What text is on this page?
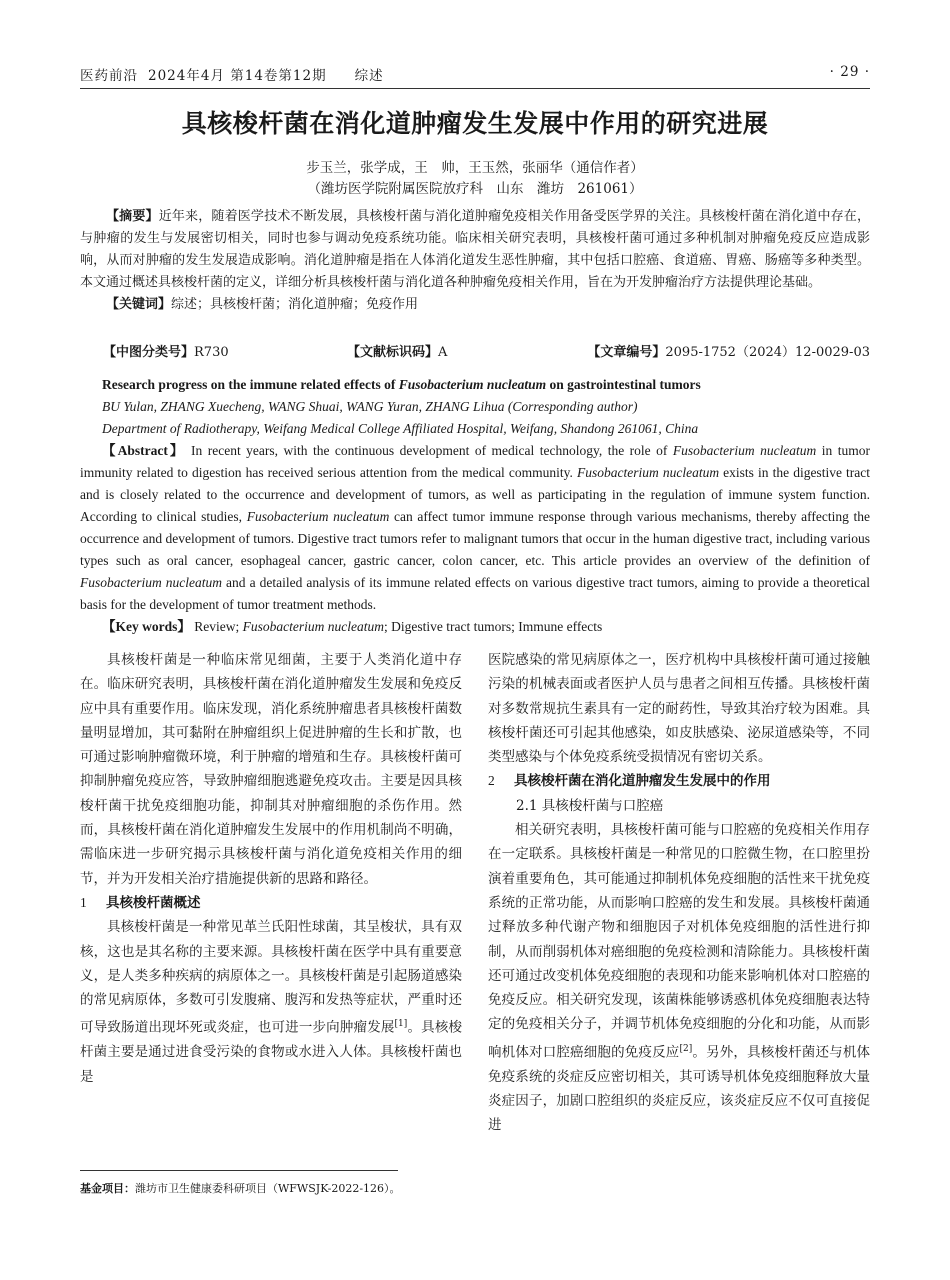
医药前沿 2024年4月 第14卷第12期 综述	· 29 ·
具核梭杆菌在消化道肿瘤发生发展中作用的研究进展
步玉兰，张学成，王　帅，王玉然，张丽华（通信作者）
（潍坊医学院附属医院放疗科　山东　潍坊　261061）

【摘要】近年来，随着医学技术不断发展，具核梭杆菌与消化道肿瘤免疫相关作用备受医学界的关注。具核梭杆菌在消化道中存在，与肿瘤的发生与发展密切相关，同时也参与调动免疫系统功能。临床相关研究表明，具核梭杆菌可通过多种机制对肿瘤免疫反应造成影响，从而对肿瘤的发生发展造成影响。消化道肿瘤是指在人体消化道发生恶性肿瘤，其中包括口腔癌、食道癌、胃癌、肠癌等多种类型。本文通过概述具核梭杆菌的定义，详细分析具核梭杆菌与消化道各种肿瘤免疫相关作用，旨在为开发肿瘤治疗方法提供理论基础。

【关键词】综述；具核梭杆菌；消化道肿瘤；免疫作用

【中图分类号】R730	【文献标识码】A	【文章编号】2095-1752（2024）12-0029-03

Research progress on the immune related effects of Fusobacterium nucleatum on gastrointestinal tumors

BU Yulan, ZHANG Xuecheng, WANG Shuai, WANG Yuran, ZHANG Lihua (Corresponding author)

Department of Radiotherapy, Weifang Medical College Affiliated Hospital, Weifang, Shandong 261061, China

【Abstract】 In recent years, with the continuous development of medical technology, the role of Fusobacterium nucleatum in tumor immunity related to digestion has received serious attention from the medical community. Fusobacterium nucleatum exists in the digestive tract and is closely related to the occurrence and development of tumors, as well as participating in the regulation of immune system function. According to clinical studies, Fusobacterium nucleatum can affect tumor immune response through various mechanisms, thereby affecting the occurrence and development of tumors. Digestive tract tumors refer to malignant tumors that occur in the human digestive tract, including various types such as oral cancer, esophageal cancer, gastric cancer, colon cancer, etc. This article provides an overview of the definition of Fusobacterium nucleatum and a detailed analysis of its immune related effects on various digestive tract tumors, aiming to provide a theoretical basis for the development of tumor treatment methods.

【Key words】 Review; Fusobacterium nucleatum; Digestive tract tumors; Immune effects

具核梭杆菌是一种临床常见细菌，主要于人类消化道中存在。临床研究表明，具核梭杆菌在消化道肿瘤发生发展和免疫反应中具有重要作用。临床发现，消化系统肿瘤患者具核梭杆菌数量明显增加，其可黏附在肿瘤组织上促进肿瘤的生长和扩散，也可通过影响肿瘤微环境，利于肿瘤的增殖和生存。具核梭杆菌可抑制肿瘤免疫应答，导致肿瘤细胞逃避免疫攻击。主要是因具核梭杆菌干扰免疫细胞功能，抑制其对肿瘤细胞的杀伤作用。然而，具核梭杆菌在消化道肿瘤发生发展中的作用机制尚不明确，需临床进一步研究揭示具核梭杆菌与消化道免疫相关作用的细节，并为开发相关治疗措施提供新的思路和路径。

1 具核梭杆菌概述

具核梭杆菌是一种常见革兰氏阳性球菌，其呈梭状，具有双核，这也是其名称的主要来源。具核梭杆菌在医学中具有重要意义，是人类多种疾病的病原体之一。具核梭杆菌是引起肠道感染的常见病原体，多数可引发腹痛、腹泻和发热等症状，严重时还可导致肠道出现坏死或炎症，也可进一步向肿瘤发展[1]。具核梭杆菌主要是通过进食受污染的食物或水进入人体。具核梭杆菌也是

医院感染的常见病原体之一，医疗机构中具核梭杆菌可通过接触污染的机械表面或者医护人员与患者之间相互传播。具核梭杆菌对多数常规抗生素具有一定的耐药性，导致其治疗较为困难。具核梭杆菌还可引起其他感染，如皮肤感染、泌尿道感染等，不同类型感染与个体免疫系统受损情况有密切关系。

2 具核梭杆菌在消化道肿瘤发生发展中的作用

2.1 具核梭杆菌与口腔癌

相关研究表明，具核梭杆菌可能与口腔癌的免疫相关作用存在一定联系。具核梭杆菌是一种常见的口腔微生物，在口腔里扮演着重要角色，其可能通过抑制机体免疫细胞的活性来干扰免疫系统的正常功能，从而影响口腔癌的发生和发展。具核梭杆菌通过释放多种代谢产物和细胞因子对机体免疫细胞的活性进行抑制，从而削弱机体对癌细胞的免疫检测和清除能力。具核梭杆菌还可通过改变机体免疫细胞的表现和功能来影响机体对口腔癌的免疫反应。相关研究发现，该菌株能够诱惑机体免疫细胞表达特定的免疫相关分子，并调节机体免疫细胞的分化和功能，从而影响机体对口腔癌细胞的免疫反应[2]。另外，具核梭杆菌还与机体免疫系统的炎症反应密切相关，其可诱导机体免疫细胞释放大量炎症因子，加剧口腔组织的炎症反应，该炎症反应不仅可直接促进

基金项目：潍坊市卫生健康委科研项目（WFWSJK-2022-126）。
